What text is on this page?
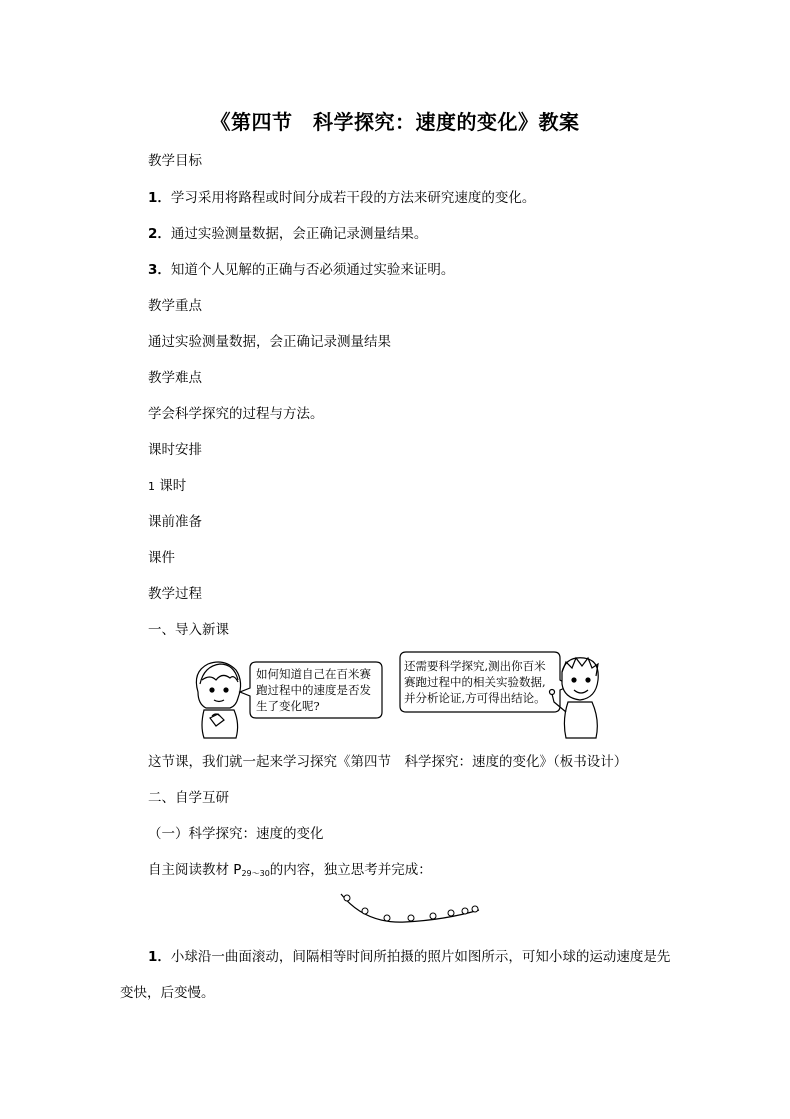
《第四节　科学探究：速度的变化》教案
教学目标
1．学习采用将路程或时间分成若干段的方法来研究速度的变化。
2．通过实验测量数据，会正确记录测量结果。
3．知道个人见解的正确与否必须通过实验来证明。
教学重点
通过实验测量数据，会正确记录测量结果
教学难点
学会科学探究的过程与方法。
课时安排
1 课时
课前准备
课件
教学过程
一、导入新课
如何知道自己在百米赛
跑过程中的速度是否发
生了变化呢?
还需要科学探究,测出你百米
赛跑过程中的相关实验数据,
并分析论证,方可得出结论。
这节课，我们就一起来学习探究《第四节　科学探究：速度的变化》（板书设计）
二、自学互研
（一）科学探究：速度的变化
自主阅读教材 $P_{29\sim 30}$的内容，独立思考并完成：
1．小球沿一曲面滚动，间隔相等时间所拍摄的照片如图所示，可知小球的运动速度是先变快，后变慢。
